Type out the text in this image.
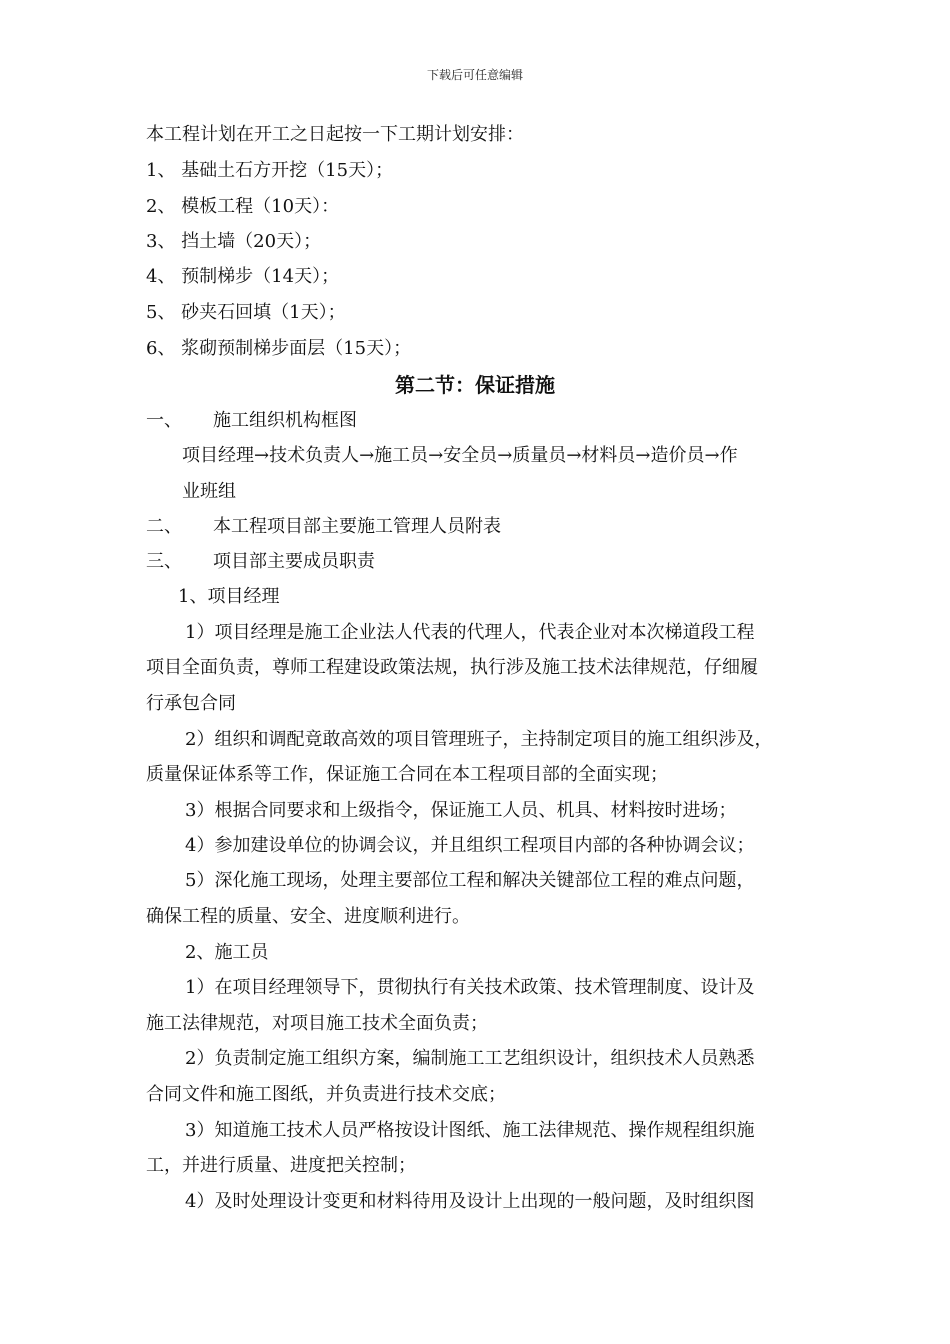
下载后可任意编辑
本工程计划在开工之日起按一下工期计划安排：
1、 基础土石方开挖（15天）；
2、 模板工程（10天）：
3、 挡土墙（20天）；
4、 预制梯步（14天）；
5、 砂夹石回填（1天）；
6、 浆砌预制梯步面层（15天）；
第二节：保证措施
一、 施工组织机构框图
项目经理→技术负责人→施工员→安全员→质量员→材料员→造价员→作
业班组
二、 本工程项目部主要施工管理人员附表
三、 项目部主要成员职责
1、项目经理
1）项目经理是施工企业法人代表的代理人，代表企业对本次梯道段工程
项目全面负责，尊师工程建设政策法规，执行涉及施工技术法律规范，仔细履
行承包合同
2）组织和调配竟敢高效的项目管理班子，主持制定项目的施工组织涉及，
质量保证体系等工作，保证施工合同在本工程项目部的全面实现；
3）根据合同要求和上级指令，保证施工人员、机具、材料按时进场；
4）参加建设单位的协调会议，并且组织工程项目内部的各种协调会议；
5）深化施工现场，处理主要部位工程和解决关键部位工程的难点问题，
确保工程的质量、安全、进度顺利进行。
2、施工员
1）在项目经理领导下，贯彻执行有关技术政策、技术管理制度、设计及
施工法律规范，对项目施工技术全面负责；
2）负责制定施工组织方案，编制施工工艺组织设计，组织技术人员熟悉
合同文件和施工图纸，并负责进行技术交底；
3）知道施工技术人员严格按设计图纸、施工法律规范、操作规程组织施
工，并进行质量、进度把关控制；
4）及时处理设计变更和材料待用及设计上出现的一般问题，及时组织图
